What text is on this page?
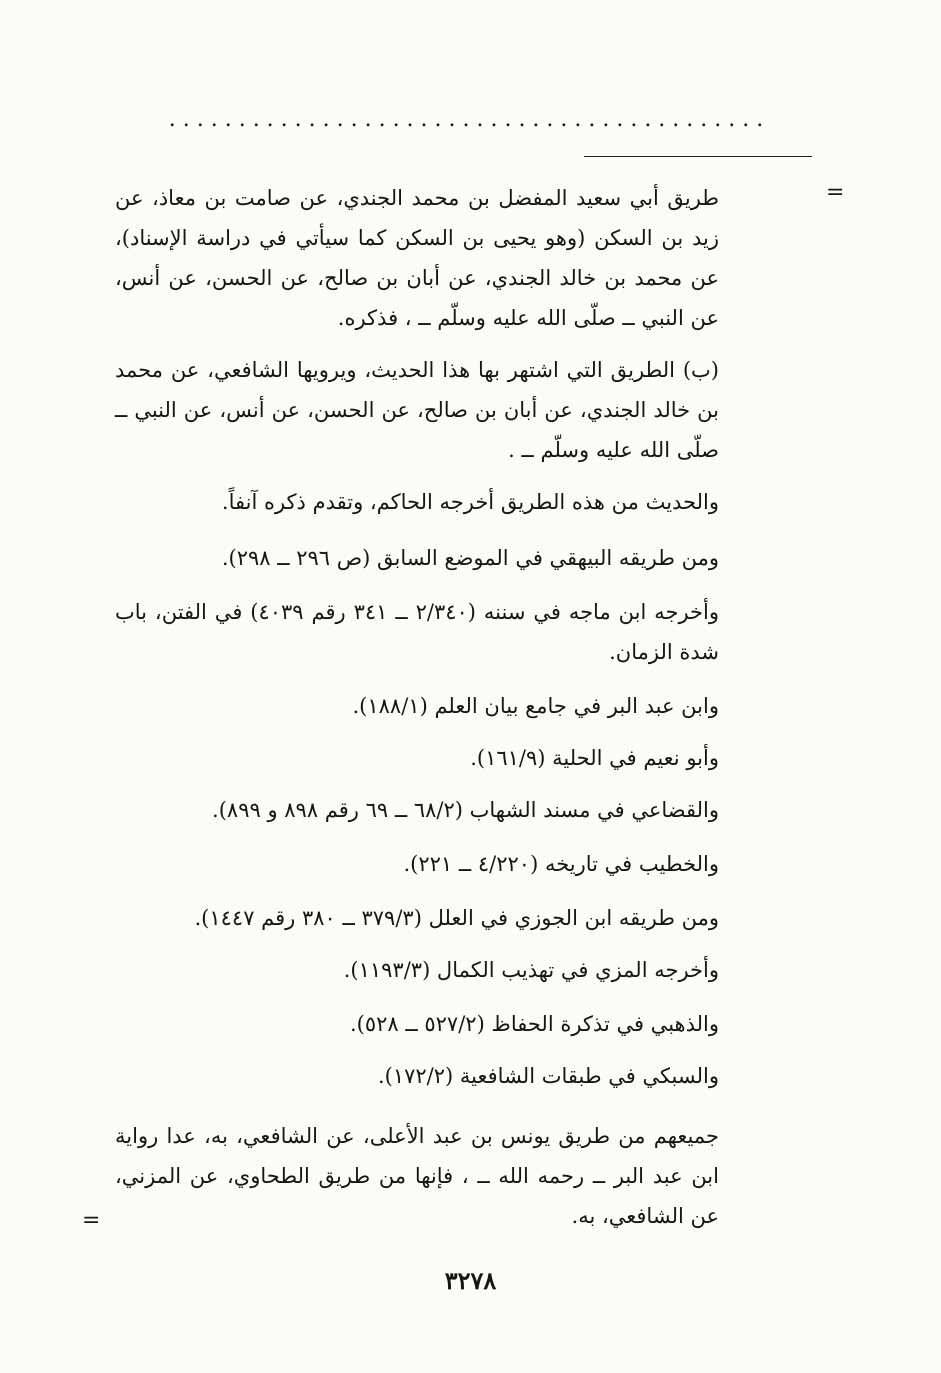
. . . . . . . . . . . . . . . . . . . . . . . . . . . . . . . . . . . . . . . . . . .
=

طريق أبي سعيد المفضل بن محمد الجندي، عن صامت بن معاذ، عن زيد بن السكن (وهو يحيى بن السكن كما سيأتي في دراسة الإسناد)، عن محمد بن خالد الجندي، عن أبان بن صالح، عن الحسن، عن أنس، عن النبي ــ صلّى الله عليه وسلّم ــ ، فذكره.

(ب) الطريق التي اشتهر بها هذا الحديث، ويرويها الشافعي، عن محمد بن خالد الجندي، عن أبان بن صالح، عن الحسن، عن أنس، عن النبي ــ صلّى الله عليه وسلّم ــ .

والحديث من هذه الطريق أخرجه الحاكم، وتقدم ذكره آنفاً.

ومن طريقه البيهقي في الموضع السابق (ص ٢٩٦ ــ ٢٩٨).

وأخرجه ابن ماجه في سننه (٢/٣٤٠ ــ ٣٤١ رقم ٤٠٣٩) في الفتن، باب شدة الزمان.

وابن عبد البر في جامع بيان العلم (١٨٨/١).

وأبو نعيم في الحلية (١٦١/٩).

والقضاعي في مسند الشهاب (٦٨/٢ ــ ٦٩ رقم ٨٩٨ و ٨٩٩).

والخطيب في تاريخه (٤/٢٢٠ ــ ٢٢١).

ومن طريقه ابن الجوزي في العلل (٣٧٩/٣ ــ ٣٨٠ رقم ١٤٤٧).

وأخرجه المزي في تهذيب الكمال (١١٩٣/٣).

والذهبي في تذكرة الحفاظ (٥٢٧/٢ ــ ٥٢٨).

والسبكي في طبقات الشافعية (١٧٢/٢).

جميعهم من طريق يونس بن عبد الأعلى، عن الشافعي، به، عدا رواية ابن عبد البر ــ رحمه الله ــ ، فإنها من طريق الطحاوي، عن المزني، عن الشافعي، به.

=
٣٢٧٨
